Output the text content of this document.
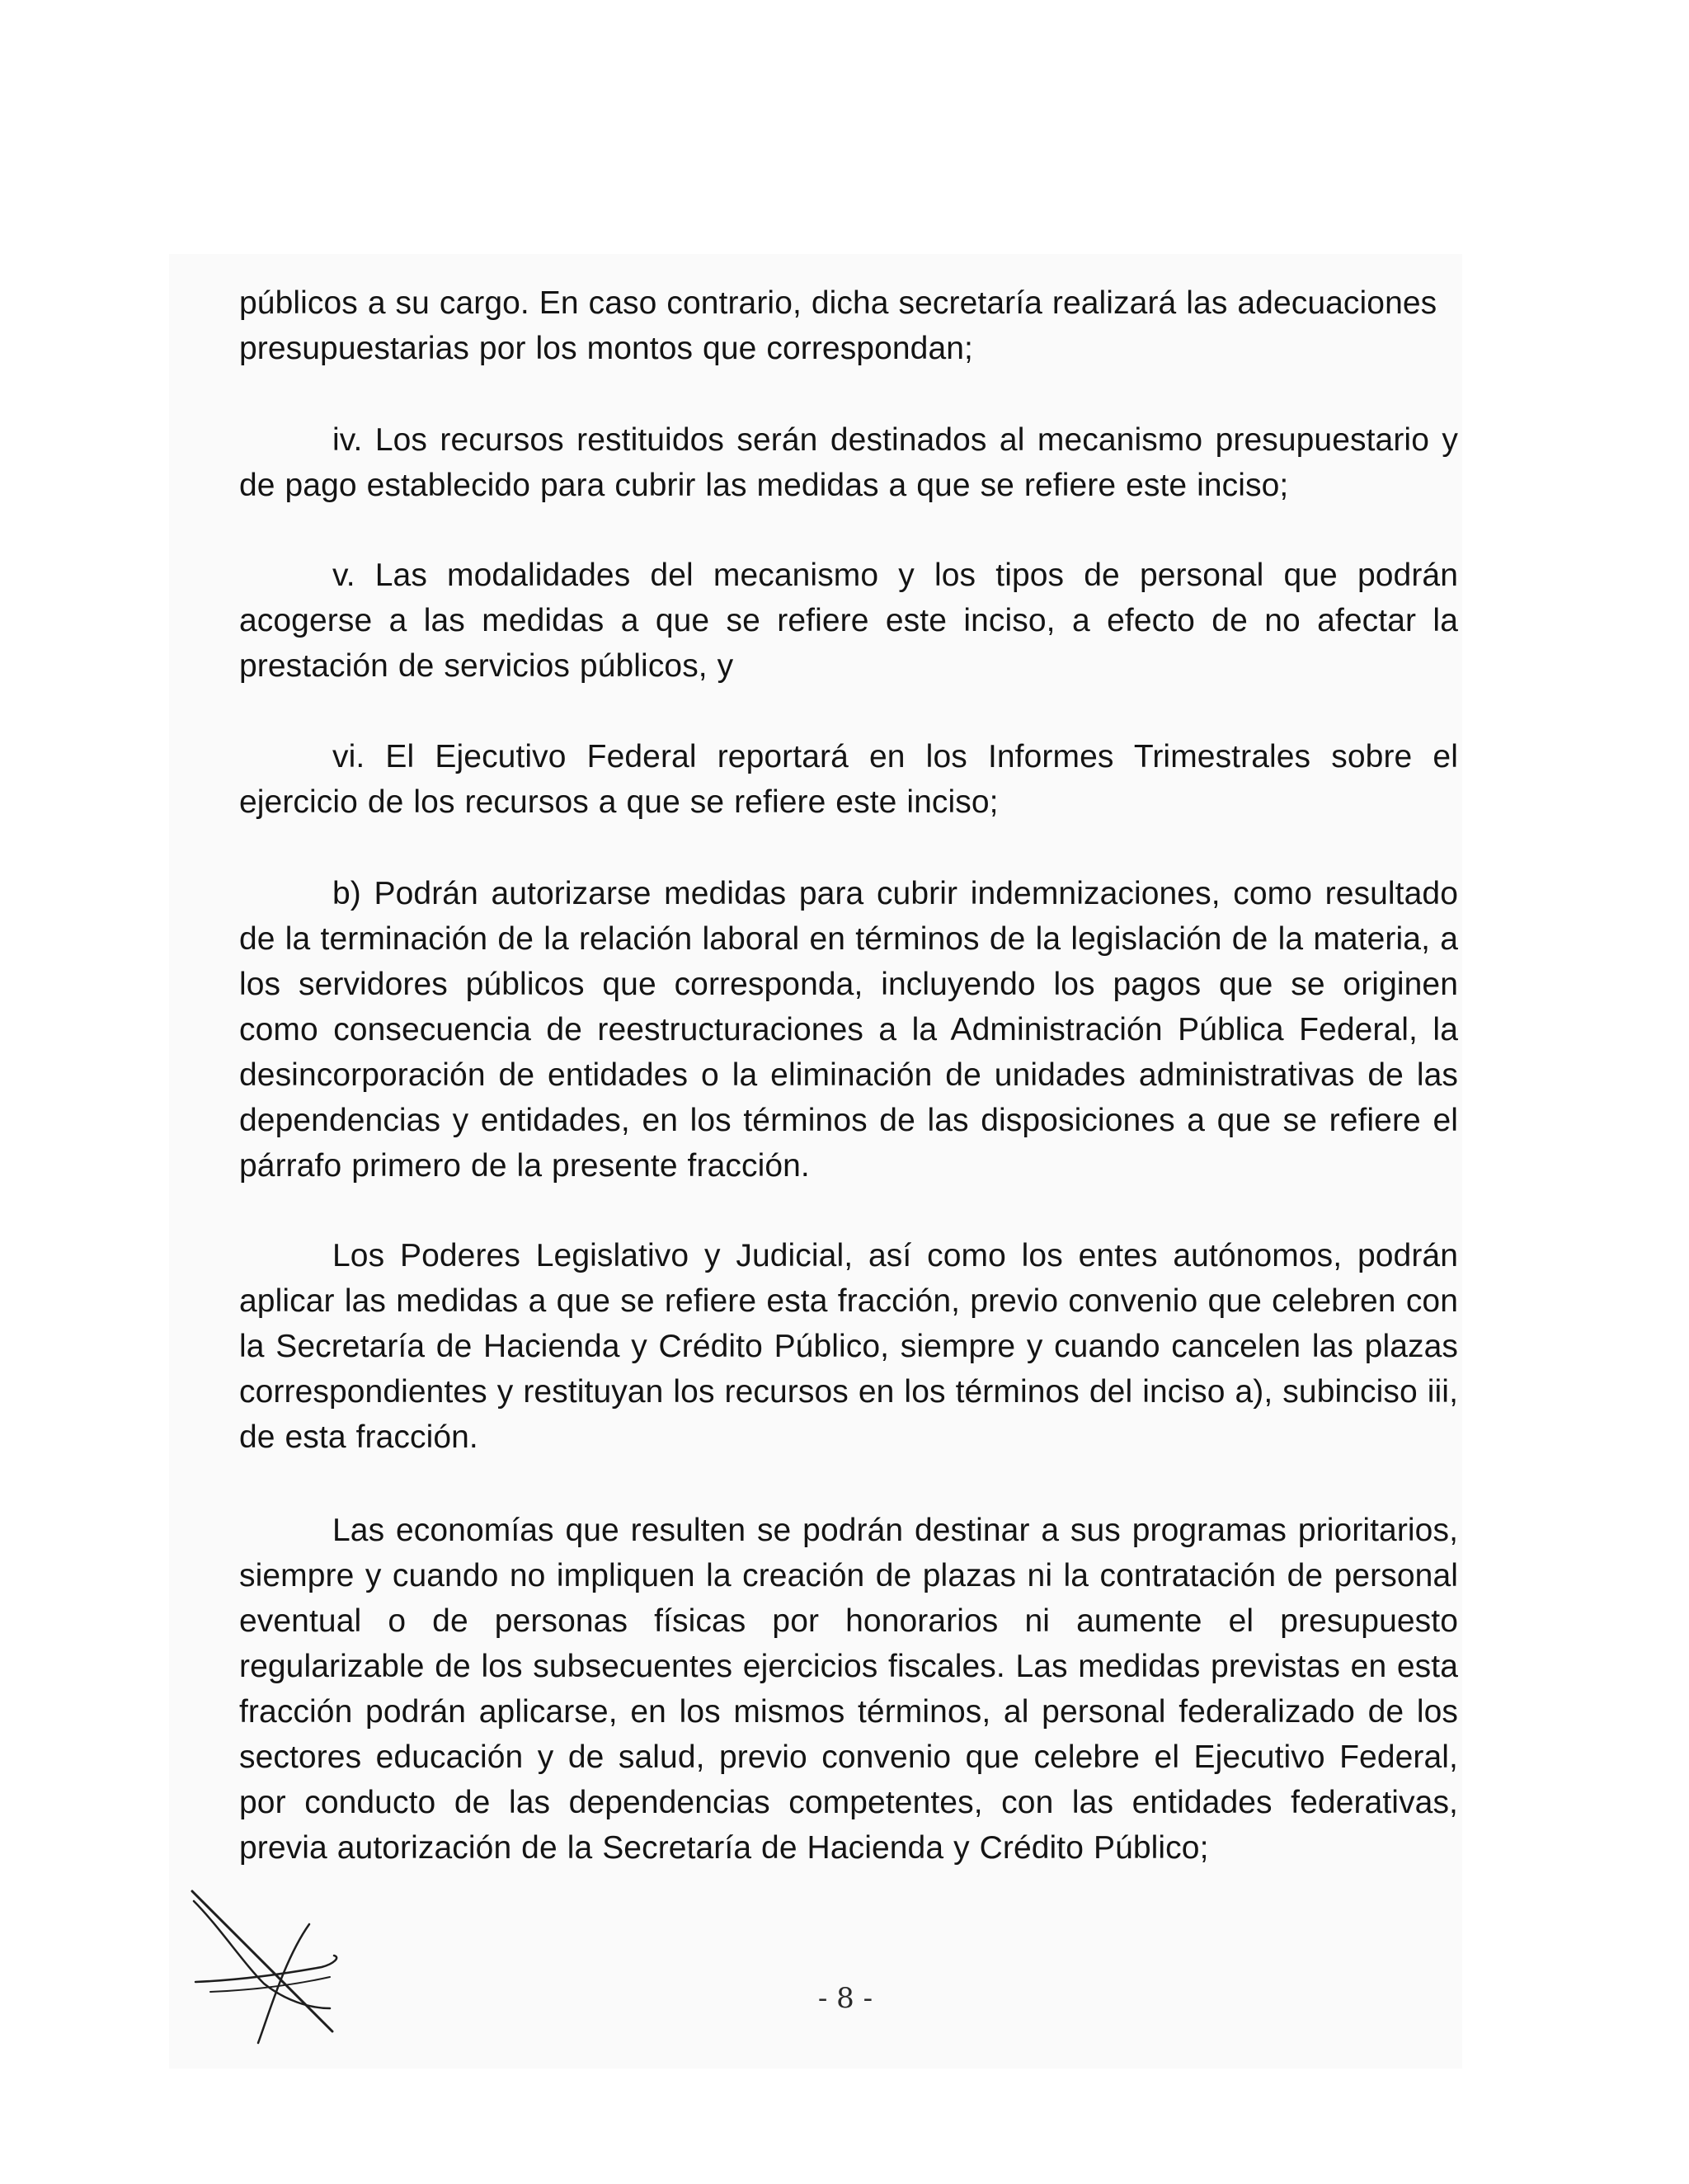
públicos a su cargo. En caso contrario, dicha secretaría realizará las adecuaciones presupuestarias por los montos que correspondan;

iv. Los recursos restituidos serán destinados al mecanismo presupuestario y de pago establecido para cubrir las medidas a que se refiere este inciso;

v. Las modalidades del mecanismo y los tipos de personal que podrán acogerse a las medidas a que se refiere este inciso, a efecto de no afectar la prestación de servicios públicos, y

vi. El Ejecutivo Federal reportará en los Informes Trimestrales sobre el ejercicio de los recursos a que se refiere este inciso;

b) Podrán autorizarse medidas para cubrir indemnizaciones, como resultado de la terminación de la relación laboral en términos de la legislación de la materia, a los servidores públicos que corresponda, incluyendo los pagos que se originen como consecuencia de reestructuraciones a la Administración Pública Federal, la desincorporación de entidades o la eliminación de unidades administrativas de las dependencias y entidades, en los términos de las disposiciones a que se refiere el párrafo primero de la presente fracción.

Los Poderes Legislativo y Judicial, así como los entes autónomos, podrán aplicar las medidas a que se refiere esta fracción, previo convenio que celebren con la Secretaría de Hacienda y Crédito Público, siempre y cuando cancelen las plazas correspondientes y restituyan los recursos en los términos del inciso a), subinciso iii, de esta fracción.

Las economías que resulten se podrán destinar a sus programas prioritarios, siempre y cuando no impliquen la creación de plazas ni la contratación de personal eventual o de personas físicas por honorarios ni aumente el presupuesto regularizable de los subsecuentes ejercicios fiscales. Las medidas previstas en esta fracción podrán aplicarse, en los mismos términos, al personal federalizado de los sectores educación y de salud, previo convenio que celebre el Ejecutivo Federal, por conducto de las dependencias competentes, con las entidades federativas, previa autorización de la Secretaría de Hacienda y Crédito Público;

- 8 -
